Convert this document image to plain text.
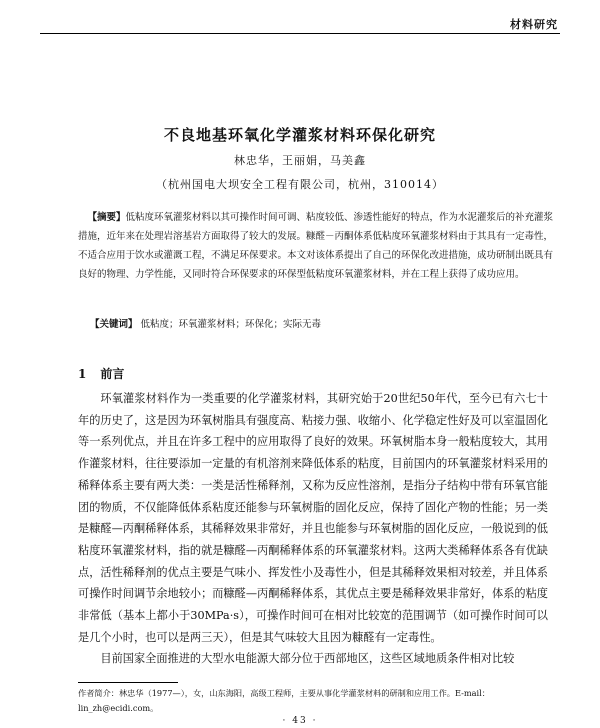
材料研究
不良地基环氧化学灌浆材料环保化研究
林忠华，王丽娟，马美鑫
（杭州国电大坝安全工程有限公司，杭州，310014）

【摘要】低粘度环氧灌浆材料以其可操作时间可调、粘度较低、渗透性能好的特点，作为水泥灌浆后的补充灌浆措施，近年来在处理岩溶基岩方面取得了较大的发展。糠醛－丙酮体系低粘度环氧灌浆材料由于其具有一定毒性，不适合应用于饮水或灌溉工程，不满足环保要求。本文对该体系提出了自己的环保化改进措施，成功研制出既具有良好的物理、力学性能，又同时符合环保要求的环保型低粘度环氧灌浆材料，并在工程上获得了成功应用。

【关键词】 低粘度；环氧灌浆材料；环保化；实际无毒

1 前言

环氧灌浆材料作为一类重要的化学灌浆材料，其研究始于20世纪50年代，至今已有六七十年的历史了，这是因为环氧树脂具有强度高、粘接力强、收缩小、化学稳定性好及可以室温固化等一系列优点，并且在许多工程中的应用取得了良好的效果。环氧树脂本身一般粘度较大，其用作灌浆材料，往往要添加一定量的有机溶剂来降低体系的粘度，目前国内的环氧灌浆材料采用的稀释体系主要有两大类：一类是活性稀释剂，又称为反应性溶剂，是指分子结构中带有环氧官能团的物质，不仅能降低体系粘度还能参与环氧树脂的固化反应，保持了固化产物的性能；另一类是糠醛—丙酮稀释体系，其稀释效果非常好，并且也能参与环氧树脂的固化反应，一般说到的低粘度环氧灌浆材料，指的就是糠醛—丙酮稀释体系的环氧灌浆材料。这两大类稀释体系各有优缺点，活性稀释剂的优点主要是气味小、挥发性小及毒性小，但是其稀释效果相对较差，并且体系可操作时间调节余地较小；而糠醛—丙酮稀释体系，其优点主要是稀释效果非常好，体系的粘度非常低（基本上都小于30MPa·s），可操作时间可在相对比较宽的范围调节（如可操作时间可以是几个小时，也可以是两三天），但是其气味较大且因为糠醛有一定毒性。

目前国家全面推进的大型水电能源大部分位于西部地区，这些区域地质条件相对比较

作者简介：林忠华（1977—），女，山东海阳，高级工程师，主要从事化学灌浆材料的研制和应用工作。E-mail：lin_zh@ecidi.com。

· 43 ·
